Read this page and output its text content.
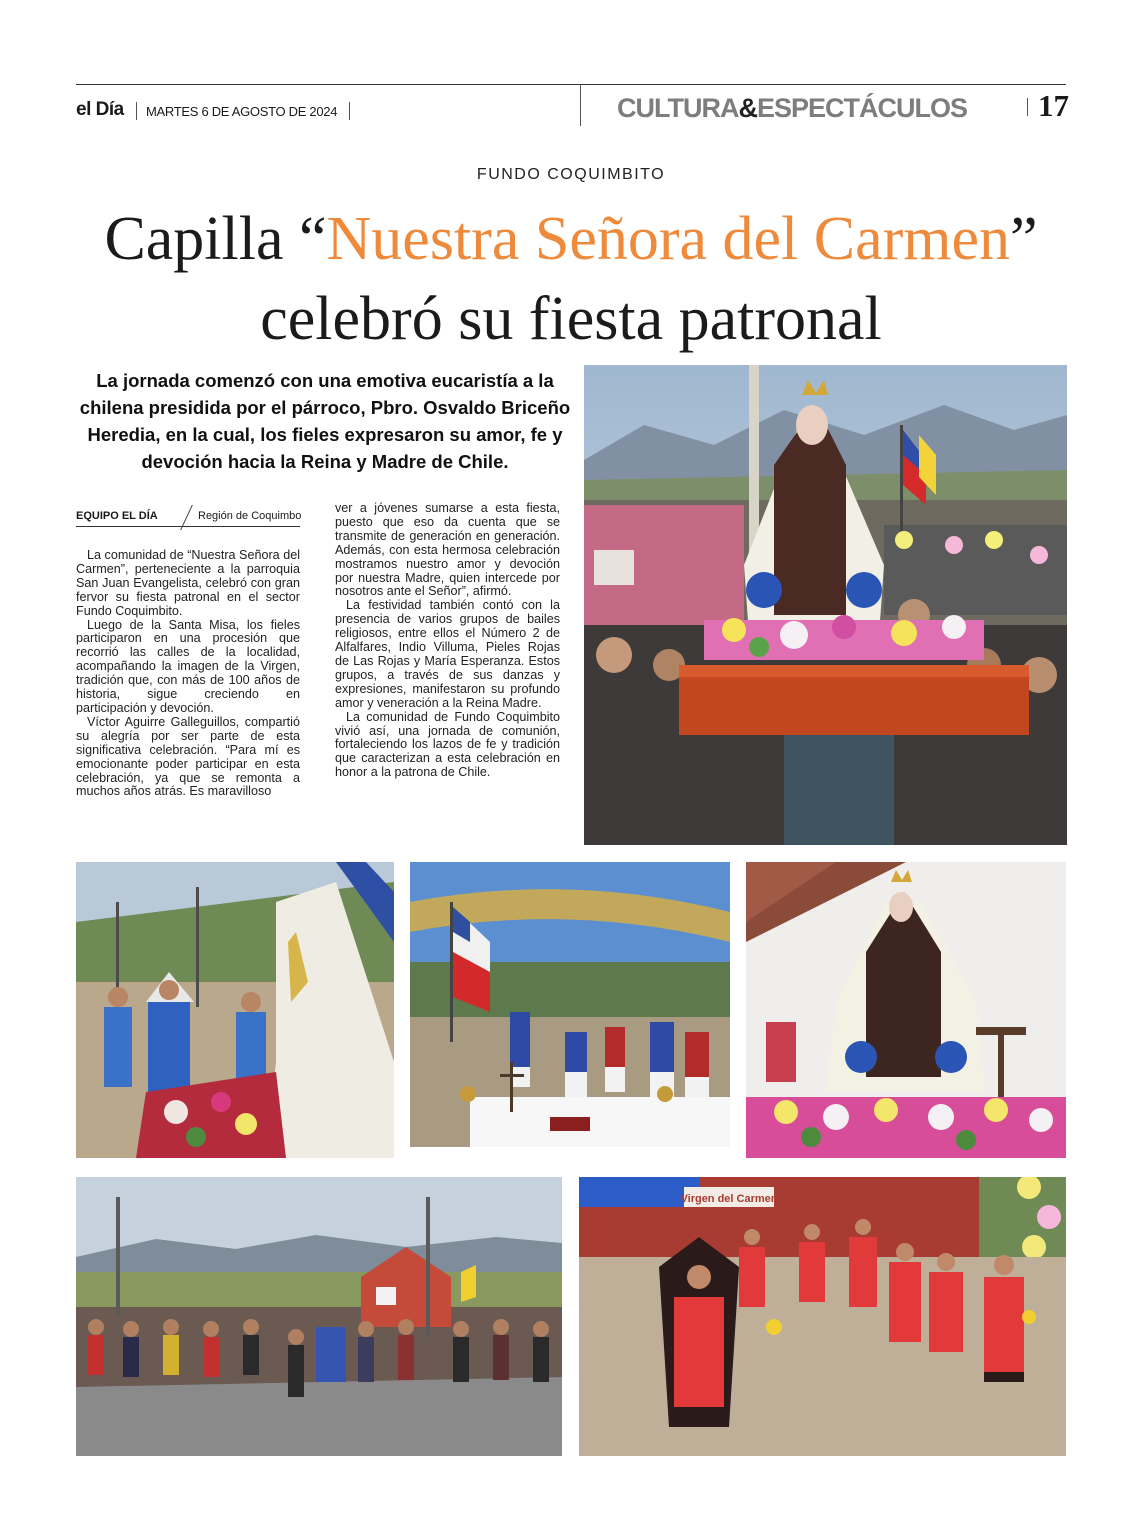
el Día MARTES 6 DE AGOSTO DE 2024	CULTURA&ESPECTÁCULOS 17
FUNDO COQUIMBITO
Capilla “Nuestra Señora del Carmen” celebró su fiesta patronal
La jornada comenzó con una emotiva eucaristía a la chilena presidida por el párroco, Pbro. Osvaldo Briceño Heredia, en la cual, los fieles expresaron su amor, fe y devoción hacia la Reina y Madre de Chile.
EQUIPO EL DÍA	Región de Coquimbo

La comunidad de “Nuestra Señora del Carmen”, perteneciente a la parroquia San Juan Evangelista, celebró con gran fervor su fiesta patronal en el sector Fundo Coquimbito.

Luego de la Santa Misa, los fieles participaron en una procesión que recorrió las calles de la localidad, acompañando la imagen de la Virgen, tradición que, con más de 100 años de historia, sigue creciendo en participación y devoción.

Víctor Aguirre Galleguillos, compartió su alegría por ser parte de esta significativa celebración. “Para mí es emocionante poder participar en esta celebración, ya que se remonta a muchos años atrás. Es maravilloso

ver a jóvenes sumarse a esta fiesta, puesto que eso da cuenta que se transmite de generación en generación. Además, con esta hermosa celebración mostramos nuestro amor y devoción por nuestra Madre, quien intercede por nosotros ante el Señor”, afirmó.

La festividad también contó con la presencia de varios grupos de bailes religiosos, entre ellos el Número 2 de Alfalfares, Indio Villuma, Pieles Rojas de Las Rojas y María Esperanza. Estos grupos, a través de sus danzas y expresiones, manifestaron su profundo amor y veneración a la Reina Madre.

La comunidad de Fundo Coquimbito vivió así, una jornada de comunión, fortaleciendo los lazos de fe y tradición que caracterizan a esta celebración en honor a la patrona de Chile.

Virgen del Carmen
